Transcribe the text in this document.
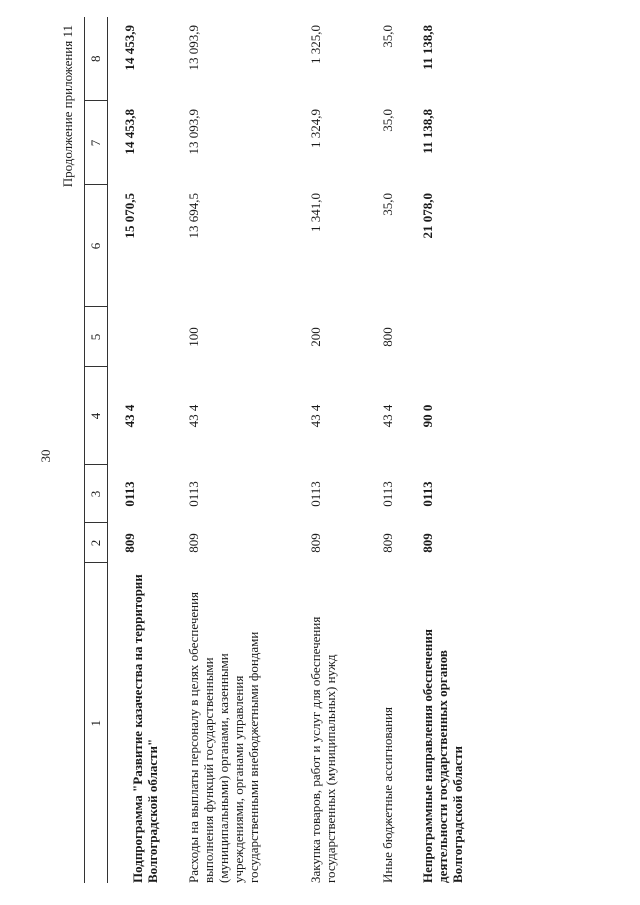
30
Продолжение приложения 11
1	2	3	4	5	6	7	8
Подпрограмма "Развитие казачества на территории Волгоградской области"	809	0113	43 4		15 070,5	14 453,8	14 453,9
Расходы на выплаты персоналу в целях обеспечения выполнения функций государственными (муниципальными) органами, казенными учреждениями, органами управления государственными внебюджетными фондами	809	0113	43 4	100	13 694,5	13 093,9	13 093,9
Закупка товаров, работ и услуг для обеспечения государственных (муниципальных) нужд	809	0113	43 4	200	1 341,0	1 324,9	1 325,0
Иные бюджетные ассигнования	809	0113	43 4	800	35,0	35,0	35,0
Непрограммные направления обеспечения деятельности государственных органов Волгоградской области	809	0113	90 0		21 078,0	11 138,8	11 138,8
